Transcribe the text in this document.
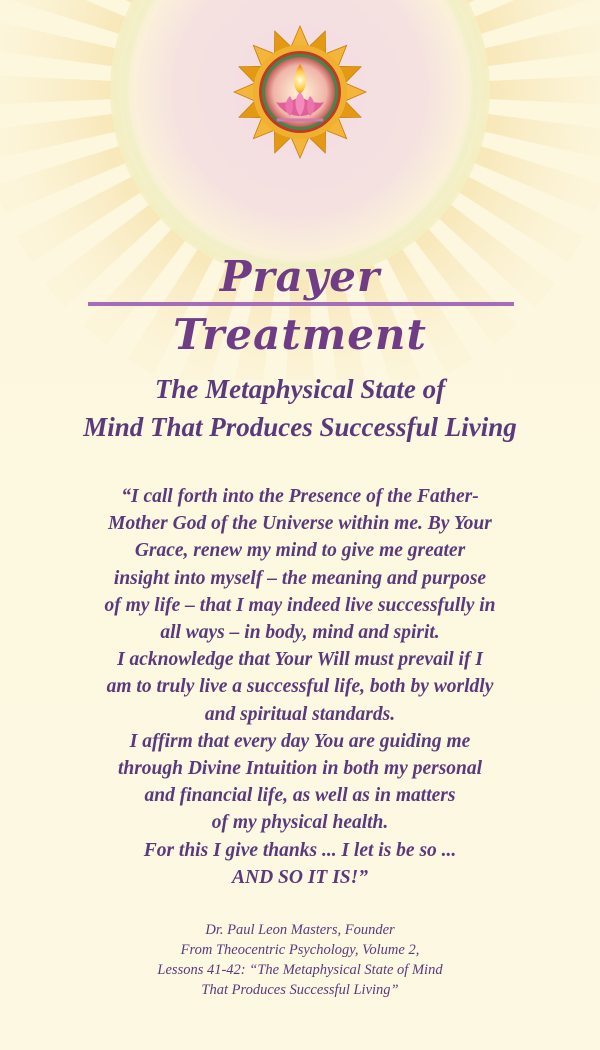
Prayer Treatment
The Metaphysical State of
Mind That Produces Successful Living
“I call forth into the Presence of the Father-
Mother God of the Universe within me. By Your
Grace, renew my mind to give me greater
insight into myself – the meaning and purpose
of my life – that I may indeed live successfully in
all ways – in body, mind and spirit.
I acknowledge that Your Will must prevail if I
am to truly live a successful life, both by worldly
and spiritual standards.
I affirm that every day You are guiding me
through Divine Intuition in both my personal
and financial life, as well as in matters
of my physical health.
For this I give thanks ... I let is be so ...
AND SO IT IS!”
Dr. Paul Leon Masters, Founder
From Theocentric Psychology, Volume 2,
Lessons 41-42: “The Metaphysical State of Mind
That Produces Successful Living”
